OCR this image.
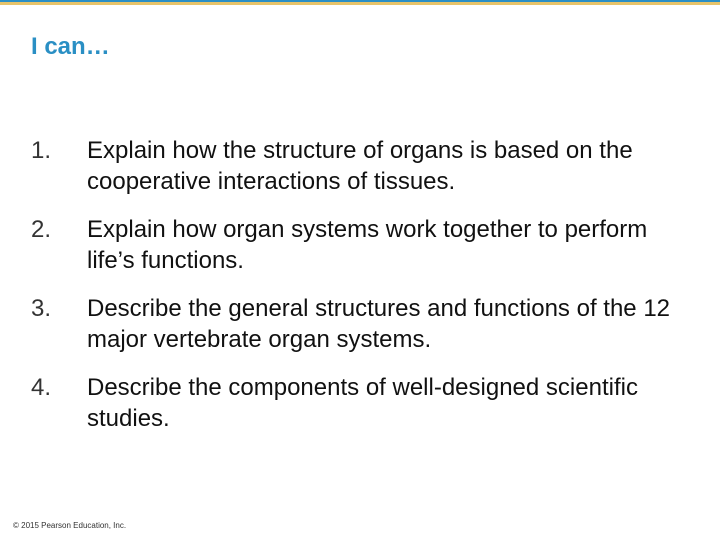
I can…
1. Explain how the structure of organs is based on the cooperative interactions of tissues.
2. Explain how organ systems work together to perform life’s functions.
3. Describe the general structures and functions of the 12 major vertebrate organ systems.
4. Describe the components of well-designed scientific studies.
© 2015 Pearson Education, Inc.
